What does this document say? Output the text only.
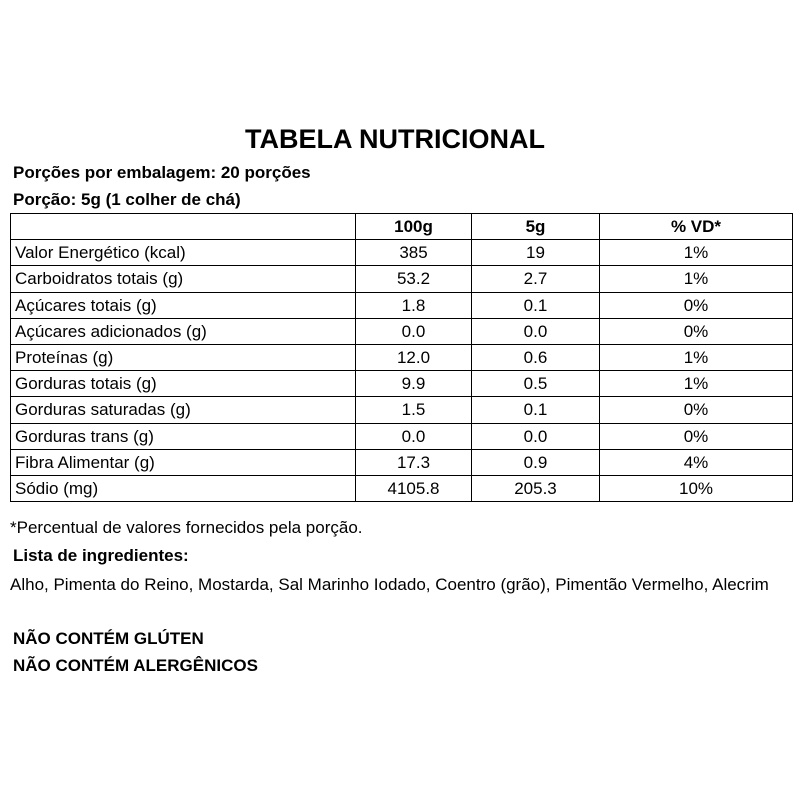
TABELA NUTRICIONAL
Porções por embalagem: 20 porções
Porção: 5g (1 colher de chá)
	100g	5g	% VD*
Valor Energético (kcal)	385	19	1%
Carboidratos totais (g)	53.2	2.7	1%
Açúcares totais (g)	1.8	0.1	0%
Açúcares adicionados (g)	0.0	0.0	0%
Proteínas (g)	12.0	0.6	1%
Gorduras totais (g)	9.9	0.5	1%
Gorduras saturadas (g)	1.5	0.1	0%
Gorduras trans (g)	0.0	0.0	0%
Fibra Alimentar (g)	17.3	0.9	4%
Sódio (mg)	4105.8	205.3	10%
*Percentual de valores fornecidos pela porção.
Lista de ingredientes:
Alho, Pimenta do Reino, Mostarda, Sal Marinho Iodado, Coentro (grão), Pimentão Vermelho, Alecrim
NÃO CONTÉM GLÚTEN
NÃO CONTÉM ALERGÊNICOS
